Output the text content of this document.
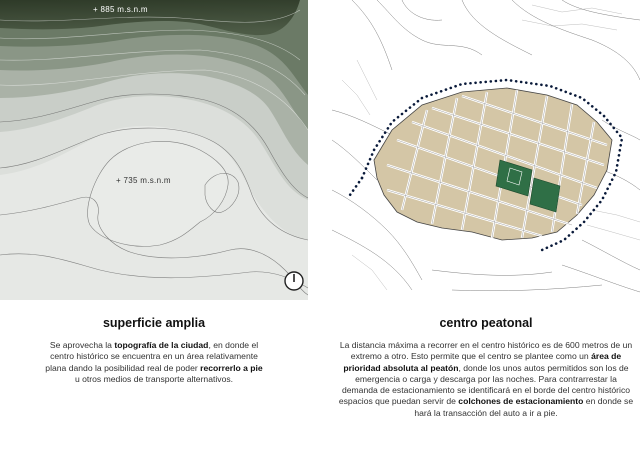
+ 885 m.s.n.m
+ 735 m.s.n.m
superficie amplia

Se aprovecha la topografía de la ciudad, en donde el centro histórico se encuentra en un área relativamente plana dando la posibilidad real de poder recorrerlo a pie u otros medios de transporte alternativos.

centro peatonal

La distancia máxima a recorrer en el centro histórico es de 600 metros de un extremo a otro. Esto permite que el centro se plantee como un área de prioridad absoluta al peatón, donde los unos autos permitidos son los de emergencia o carga y descarga por las noches. Para contrarrestar la demanda de estacionamiento se identificará en el borde del centro histórico espacios que puedan servir de colchones de estacionamiento en donde se hará la transacción del auto a ir a pie.
